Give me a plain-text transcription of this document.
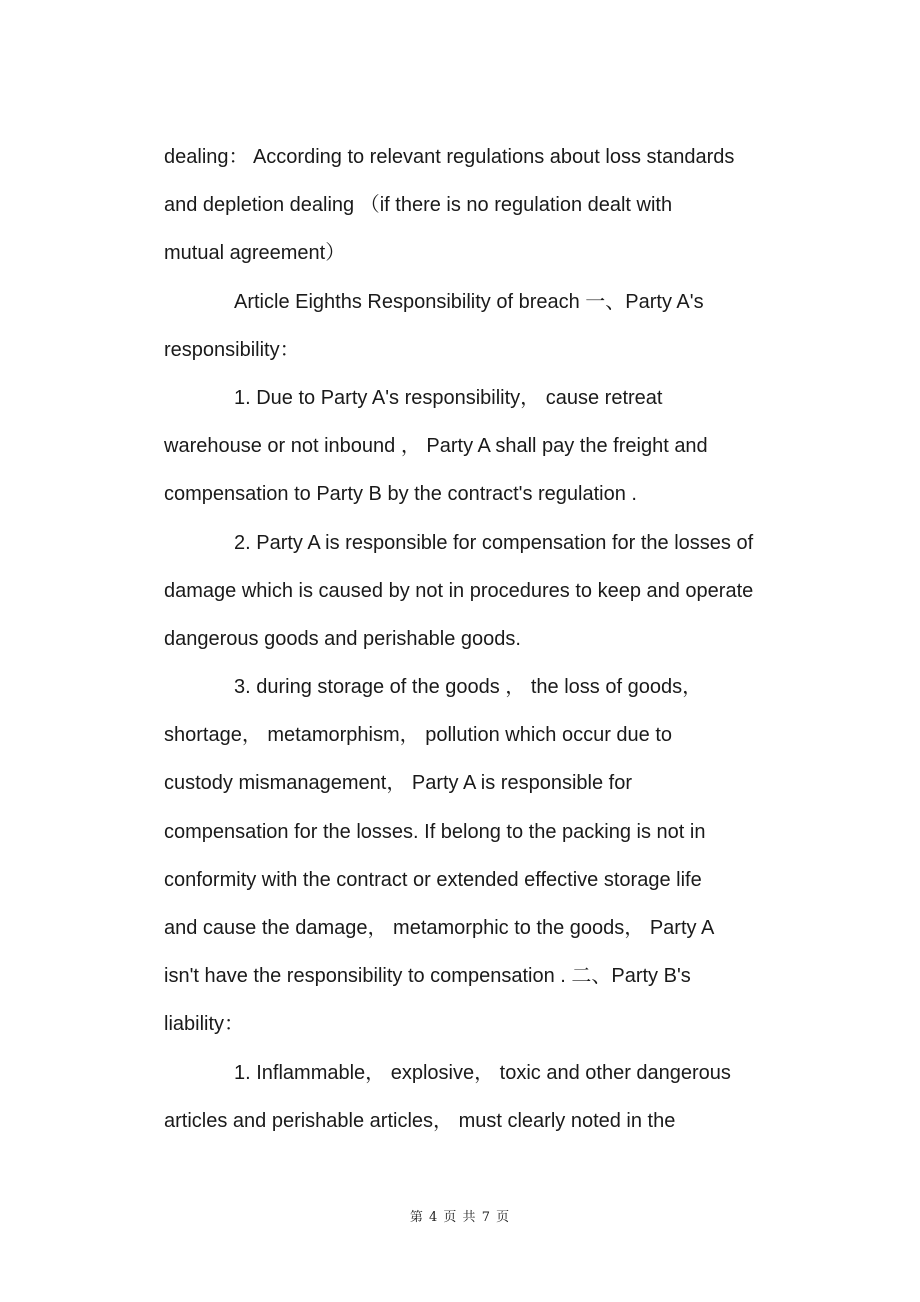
dealing： According to relevant regulations about loss standards
and depletion dealing （if there is no regulation dealt with
mutual agreement）
Article Eighths Responsibility of breach 一、Party A's
responsibility：
1. Due to Party A's responsibility， cause retreat
warehouse or not inbound ， Party A shall pay the freight and
compensation to Party B by the contract's regulation .
2. Party A is responsible for compensation for the losses of
damage which is caused by not in procedures to keep and operate
dangerous goods and perishable goods.
3. during storage of the goods ， the loss of goods，
shortage， metamorphism， pollution which occur due to
custody mismanagement， Party A is responsible for
compensation for the losses. If belong to the packing is not in
conformity with the contract or extended effective storage life
and cause the damage， metamorphic to the goods， Party A
isn't have the responsibility to compensation . 二、Party B's
liability：
1. Inflammable， explosive， toxic and other dangerous
articles and perishable articles， must clearly noted in the
第 4 页 共 7 页
